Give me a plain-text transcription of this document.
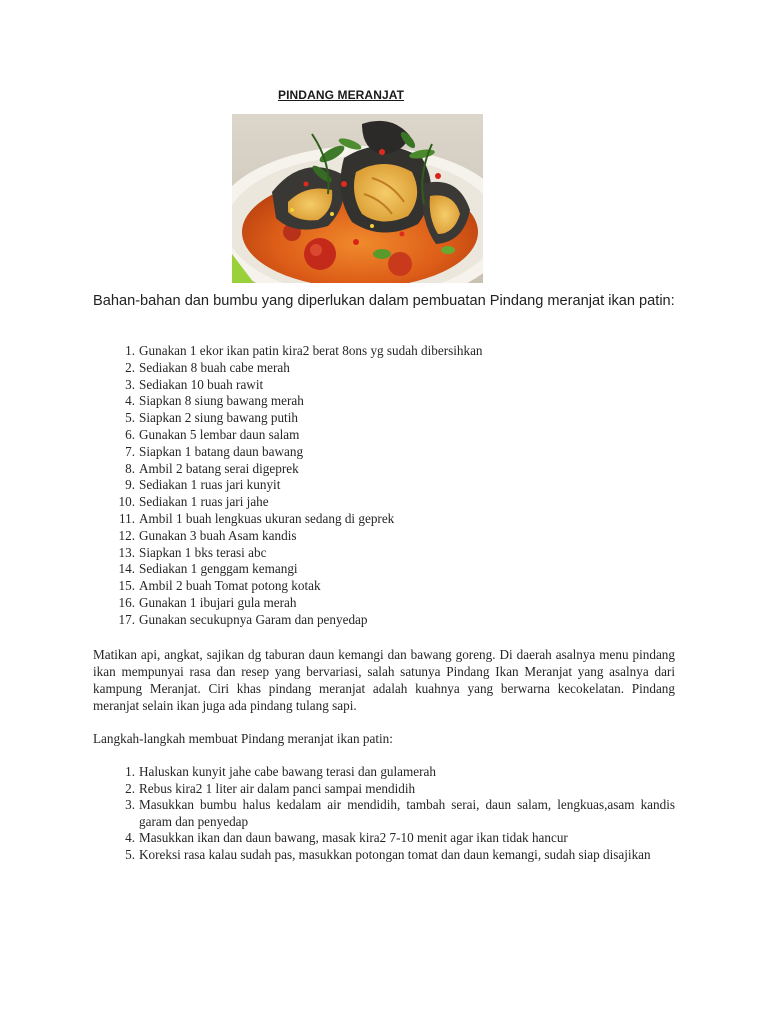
PINDANG MERANJAT
Bahan-bahan dan bumbu yang diperlukan dalam pembuatan Pindang meranjat ikan patin:
1. Gunakan 1 ekor ikan patin kira2 berat 8ons yg sudah dibersihkan
2. Sediakan 8 buah cabe merah
3. Sediakan 10 buah rawit
4. Siapkan 8 siung bawang merah
5. Siapkan 2 siung bawang putih
6. Gunakan 5 lembar daun salam
7. Siapkan 1 batang daun bawang
8. Ambil 2 batang serai digeprek
9. Sediakan 1 ruas jari kunyit
10. Sediakan 1 ruas jari jahe
11. Ambil 1 buah lengkuas ukuran sedang di geprek
12. Gunakan 3 buah Asam kandis
13. Siapkan 1 bks terasi abc
14. Sediakan 1 genggam kemangi
15. Ambil 2 buah Tomat potong kotak
16. Gunakan 1 ibujari gula merah
17. Gunakan secukupnya Garam dan penyedap
Matikan api, angkat, sajikan dg taburan daun kemangi dan bawang goreng. Di daerah asalnya menu pindang ikan mempunyai rasa dan resep yang bervariasi, salah satunya Pindang Ikan Meranjat yang asalnya dari kampung Meranjat. Ciri khas pindang meranjat adalah kuahnya yang berwarna kecokelatan. Pindang meranjat selain ikan juga ada pindang tulang sapi.
Langkah-langkah membuat Pindang meranjat ikan patin:
1. Haluskan kunyit jahe cabe bawang terasi dan gulamerah
2. Rebus kira2 1 liter air dalam panci sampai mendidih
3. Masukkan bumbu halus kedalam air mendidih, tambah serai, daun salam, lengkuas,asam kandis garam dan penyedap
4. Masukkan ikan dan daun bawang, masak kira2 7-10 menit agar ikan tidak hancur
5. Koreksi rasa kalau sudah pas, masukkan potongan tomat dan daun kemangi, sudah siap disajikan
